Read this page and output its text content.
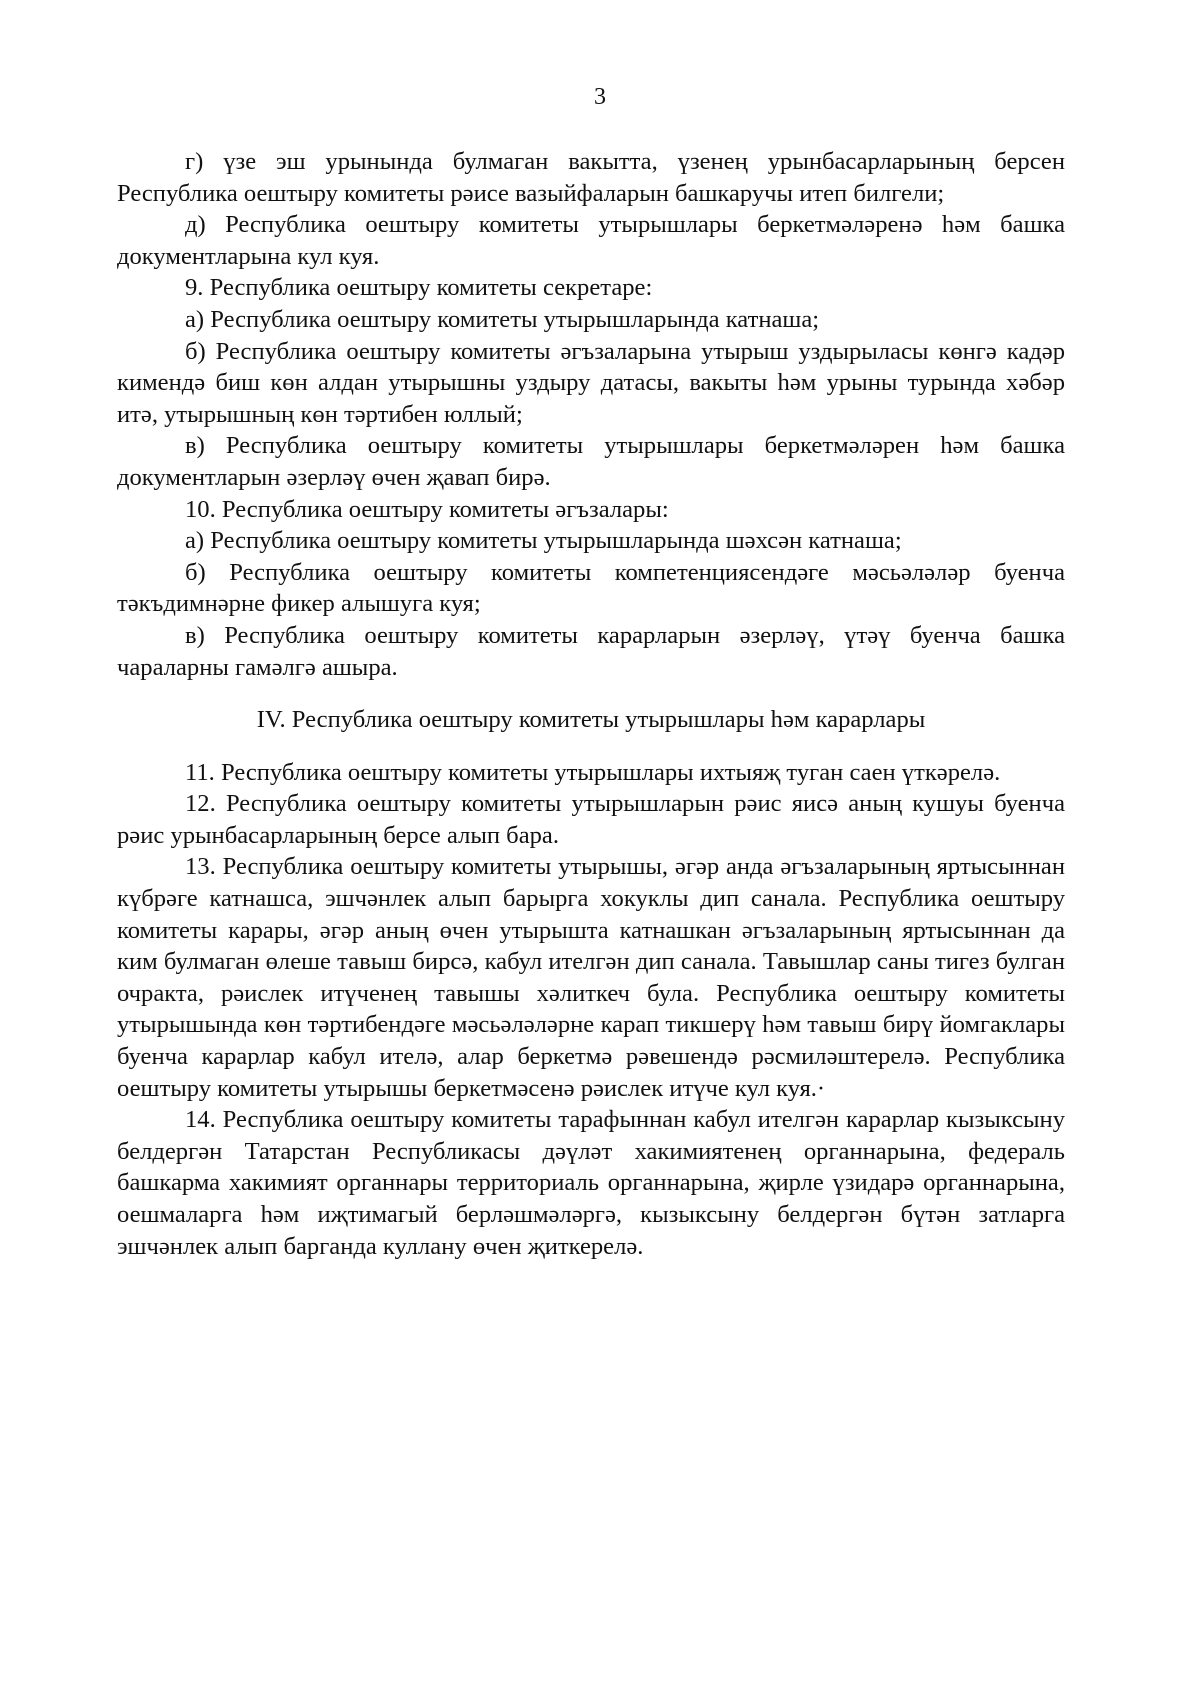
3

г) үзе эш урынында булмаган вакытта, үзенең урынбасарларының берсен Республика оештыру комитеты рәисе вазыйфаларын башкаручы итеп билгели;

д) Республика оештыру комитеты утырышлары беркетмәләренә һәм башка документларына кул куя.

9. Республика оештыру комитеты секретаре:

а) Республика оештыру комитеты утырышларында катнаша;

б) Республика оештыру комитеты әгъзаларына утырыш уздырыласы көнгә кадәр кимендә биш көн алдан утырышны уздыру датасы, вакыты һәм урыны турында хәбәр итә, утырышның көн тәртибен юллый;

в) Республика оештыру комитеты утырышлары беркетмәләрен һәм башка документларын әзерләү өчен җавап бирә.

10. Республика оештыру комитеты әгъзалары:

а) Республика оештыру комитеты утырышларында шәхсән катнаша;

б) Республика оештыру комитеты компетенциясендәге мәсьәләләр буенча тәкъдимнәрне фикер алышуга куя;

в) Республика оештыру комитеты карарларын әзерләү, үтәү буенча башка чараларны гамәлгә ашыра.

IV. Республика оештыру комитеты утырышлары һәм карарлары

11. Республика оештыру комитеты утырышлары ихтыяҗ туган саен үткәрелә.

12. Республика оештыру комитеты утырышларын рәис яисә аның кушуы буенча рәис урынбасарларының берсе алып бара.

13. Республика оештыру комитеты утырышы, әгәр анда әгъзаларының яртысыннан күбрәге катнашса, эшчәнлек алып барырга хокуклы дип санала. Республика оештыру комитеты карары, әгәр аның өчен утырышта катнашкан әгъзаларының яртысыннан да ким булмаган өлеше тавыш бирсә, кабул ителгән дип санала. Тавышлар саны тигез булган очракта, рәислек итүченең тавышы хәлиткеч була. Республика оештыру комитеты утырышында көн тәртибендәге мәсьәләләрне карап тикшерү һәм тавыш бирү йомгаклары буенча карарлар кабул ителә, алар беркетмә рәвешендә рәсмиләштерелә. Республика оештыру комитеты утырышы беркетмәсенә рәислек итүче кул куя.·

14. Республика оештыру комитеты тарафыннан кабул ителгән карарлар кызыксыну белдергән Татарстан Республикасы дәүләт хакимиятенең органнарына, федераль башкарма хакимият органнары территориаль органнарына, җирле үзидарә органнарына, оешмаларга һәм иҗтимагый берләшмәләргә, кызыксыну белдергән бүтән затларга эшчәнлек алып барганда куллану өчен җиткерелә.
